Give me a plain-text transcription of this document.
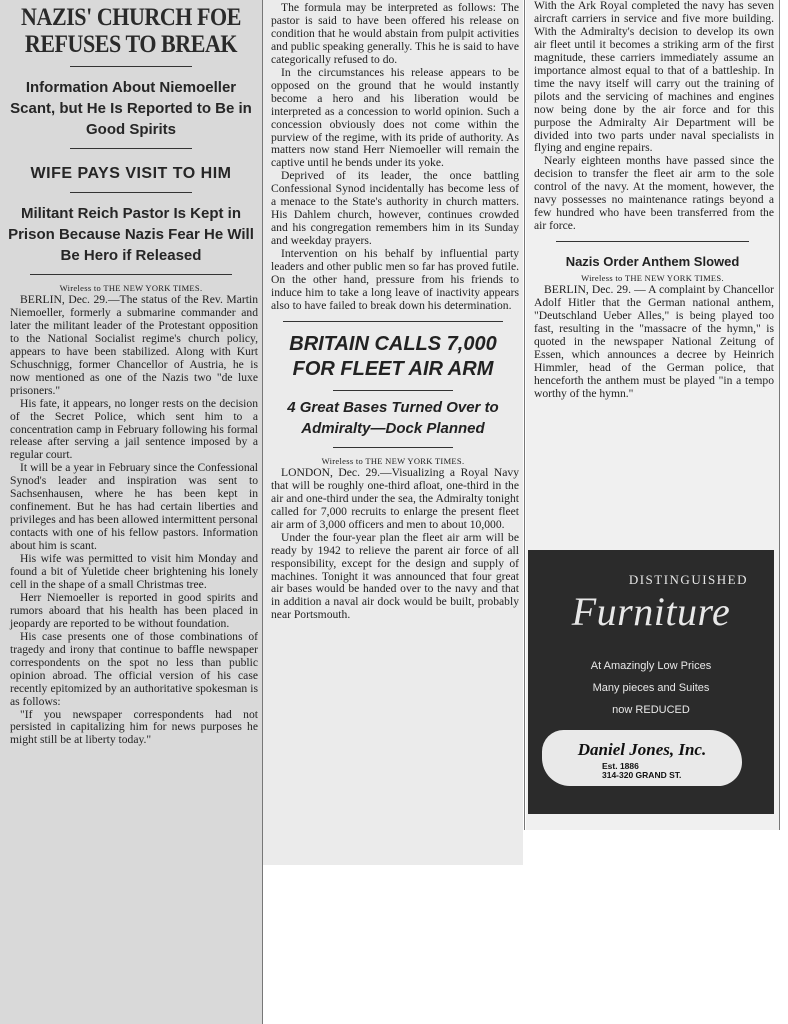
NAZIS' CHURCH FOE
REFUSES TO BREAK
Information About Niemoeller Scant, but He Is Reported to Be in Good Spirits
WIFE PAYS VISIT TO HIM
Militant Reich Pastor Is Kept in Prison Because Nazis Fear He Will Be Hero if Released
Wireless to THE NEW YORK TIMES.

BERLIN, Dec. 29.—The status of the Rev. Martin Niemoeller, formerly a submarine commander and later the militant leader of the Protestant opposition to the National Socialist regime's church policy, appears to have been stabilized. Along with Kurt Schuschnigg, former Chancellor of Austria, he is now mentioned as one of the Nazis two "de luxe prisoners."

His fate, it appears, no longer rests on the decision of the Secret Police, which sent him to a concentration camp in February following his formal release after serving a jail sentence imposed by a regular court.

It will be a year in February since the Confessional Synod's leader and inspiration was sent to Sachsenhausen, where he has been kept in confinement. But he has had certain liberties and privileges and has been allowed intermittent personal contacts with one of his fellow pastors. Information about him is scant.

His wife was permitted to visit him Monday and found a bit of Yuletide cheer brightening his lonely cell in the shape of a small Christmas tree.

Herr Niemoeller is reported in good spirits and rumors aboard that his health has been placed in jeopardy are reported to be without foundation.

His case presents one of those combinations of tragedy and irony that continue to baffle newspaper correspondents on the spot no less than public opinion abroad. The official version of his case recently epitomized by an authoritative spokesman is as follows:

"If you newspaper correspondents had not persisted in capitalizing him for news purposes he might still be at liberty today."

The formula may be interpreted as follows: The pastor is said to have been offered his release on condition that he would abstain from pulpit activities and public speaking generally. This he is said to have categorically refused to do.

In the circumstances his release appears to be opposed on the ground that he would instantly become a hero and his liberation would be interpreted as a concession to world opinion. Such a concession obviously does not come within the purview of the regime, with its pride of authority. As matters now stand Herr Niemoeller will remain the captive until he bends under its yoke.

Deprived of its leader, the once battling Confessional Synod incidentally has become less of a menace to the State's authority in church matters. His Dahlem church, however, continues crowded and his congregation remembers him in its Sunday and weekday prayers.

Intervention on his behalf by influential party leaders and other public men so far has proved futile. On the other hand, pressure from his friends to induce him to take a long leave of inactivity appears also to have failed to break down his determination.

BRITAIN CALLS 7,000
FOR FLEET AIR ARM
4 Great Bases Turned Over to
Admiralty—Dock Planned
Wireless to THE NEW YORK TIMES.

LONDON, Dec. 29.—Visualizing a Royal Navy that will be roughly one-third afloat, one-third in the air and one-third under the sea, the Admiralty tonight called for 7,000 recruits to enlarge the present fleet air arm of 3,000 officers and men to about 10,000.

Under the four-year plan the fleet air arm will be ready by 1942 to relieve the parent air force of all responsibility, except for the design and supply of machines. Tonight it was announced that four great air bases would be handed over to the navy and that in addition a naval air dock would be built, probably near Portsmouth.

With the Ark Royal completed the navy has seven aircraft carriers in service and five more building. With the Admiralty's decision to develop its own air fleet until it becomes a striking arm of the first magnitude, these carriers immediately assume an importance almost equal to that of a battleship. In time the navy itself will carry out the training of pilots and the servicing of machines and engines now being done by the air force and for this purpose the Admiralty Air Department will be divided into two parts under naval specialists in flying and engine repairs.

Nearly eighteen months have passed since the decision to transfer the fleet air arm to the sole control of the navy. At the moment, however, the navy possesses no maintenance ratings beyond a few hundred who have been transferred from the air force.

Nazis Order Anthem Slowed
Wireless to THE NEW YORK TIMES.

BERLIN, Dec. 29. — A complaint by Chancellor Adolf Hitler that the German national anthem, "Deutschland Ueber Alles," is being played too fast, resulting in the "massacre of the hymn," is quoted in the newspaper National Zeitung of Essen, which announces a decree by Heinrich Himmler, head of the German police, that henceforth the anthem must be played "in a tempo worthy of the hymn."

DISTINGUISHED
Furniture
At Amazingly Low Prices
Many pieces and Suites
now REDUCED
Daniel Jones, Inc.
Est. 1886
314-320 GRAND ST.
